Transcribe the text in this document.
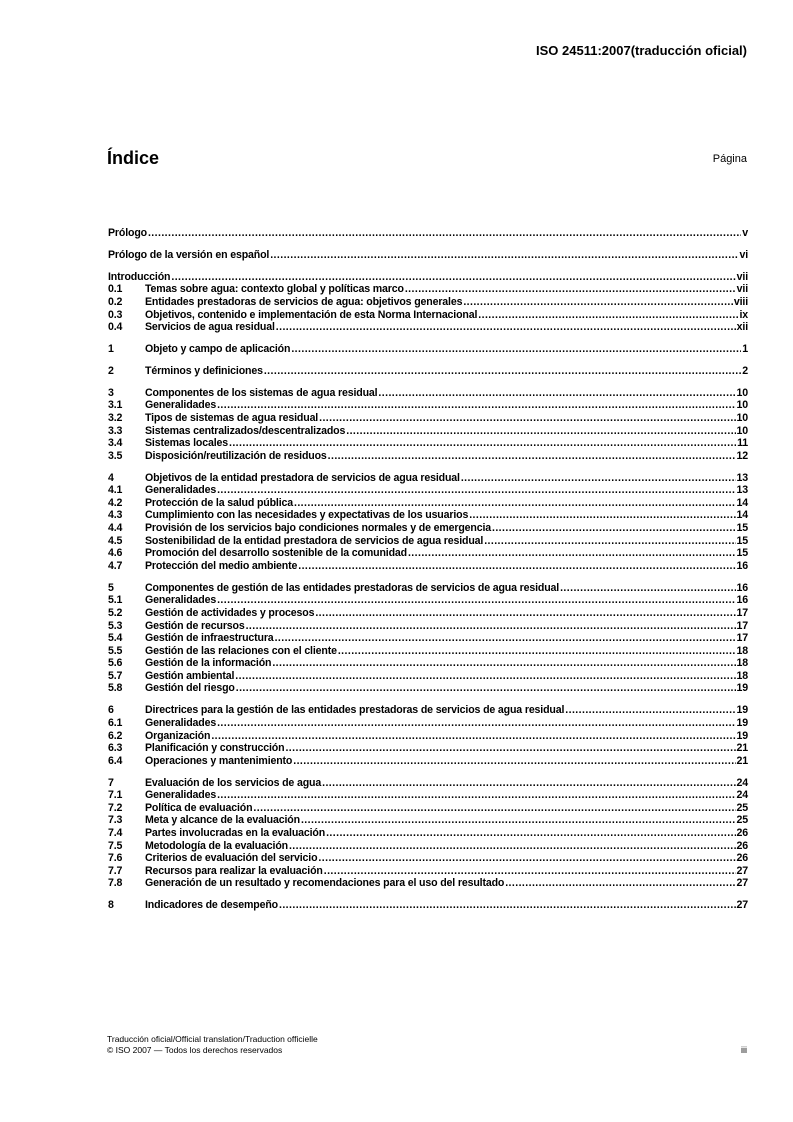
ISO 24511:2007(traducción oficial)
Índice	Página
Prólogo .....	v
Prólogo de la versión en español .....	vi
Introducción .....	vii
0.1	Temas sobre agua: contexto global y políticas marco .....	vii
0.2	Entidades prestadoras de servicios de agua: objetivos generales .....	viii
0.3	Objetivos, contenido e implementación de esta Norma Internacional .....	ix
0.4	Servicios de agua residual .....	xii
1	Objeto y campo de aplicación .....	1
2	Términos y definiciones .....	2
3	Componentes de los sistemas de agua residual .....	10
3.1	Generalidades .....	10
3.2	Tipos de sistemas de agua residual .....	10
3.3	Sistemas centralizados/descentralizados .....	10
3.4	Sistemas locales .....	11
3.5	Disposición/reutilización de residuos .....	12
4	Objetivos de la entidad prestadora de servicios de agua residual .....	13
4.1	Generalidades .....	13
4.2	Protección de la salud pública .....	14
4.3	Cumplimiento con las necesidades y expectativas de los usuarios .....	14
4.4	Provisión de los servicios bajo condiciones normales y de emergencia .....	15
4.5	Sostenibilidad de la entidad prestadora de servicios de agua residual .....	15
4.6	Promoción del desarrollo sostenible de la comunidad .....	15
4.7	Protección del medio ambiente .....	16
5	Componentes de gestión de las entidades prestadoras de servicios de agua residual .....	16
5.1	Generalidades .....	16
5.2	Gestión de actividades y procesos .....	17
5.3	Gestión de recursos .....	17
5.4	Gestión de infraestructura .....	17
5.5	Gestión de las relaciones con el cliente .....	18
5.6	Gestión de la información .....	18
5.7	Gestión ambiental .....	18
5.8	Gestión del riesgo .....	19
6	Directrices para la gestión de las entidades prestadoras de servicios de agua residual .....	19
6.1	Generalidades .....	19
6.2	Organización .....	19
6.3	Planificación y construcción .....	21
6.4	Operaciones y mantenimiento .....	21
7	Evaluación de los servicios de agua .....	24
7.1	Generalidades .....	24
7.2	Política de evaluación .....	25
7.3	Meta y alcance de la evaluación .....	25
7.4	Partes involucradas en la evaluación .....	26
7.5	Metodología de la evaluación .....	26
7.6	Criterios de evaluación del servicio .....	26
7.7	Recursos para realizar la evaluación .....	27
7.8	Generación de un resultado y recomendaciones para el uso del resultado .....	27
8	Indicadores de desempeño .....	27
Traducción oficial/Official translation/Traduction officielle
© ISO 2007 — Todos los derechos reservados	iii
